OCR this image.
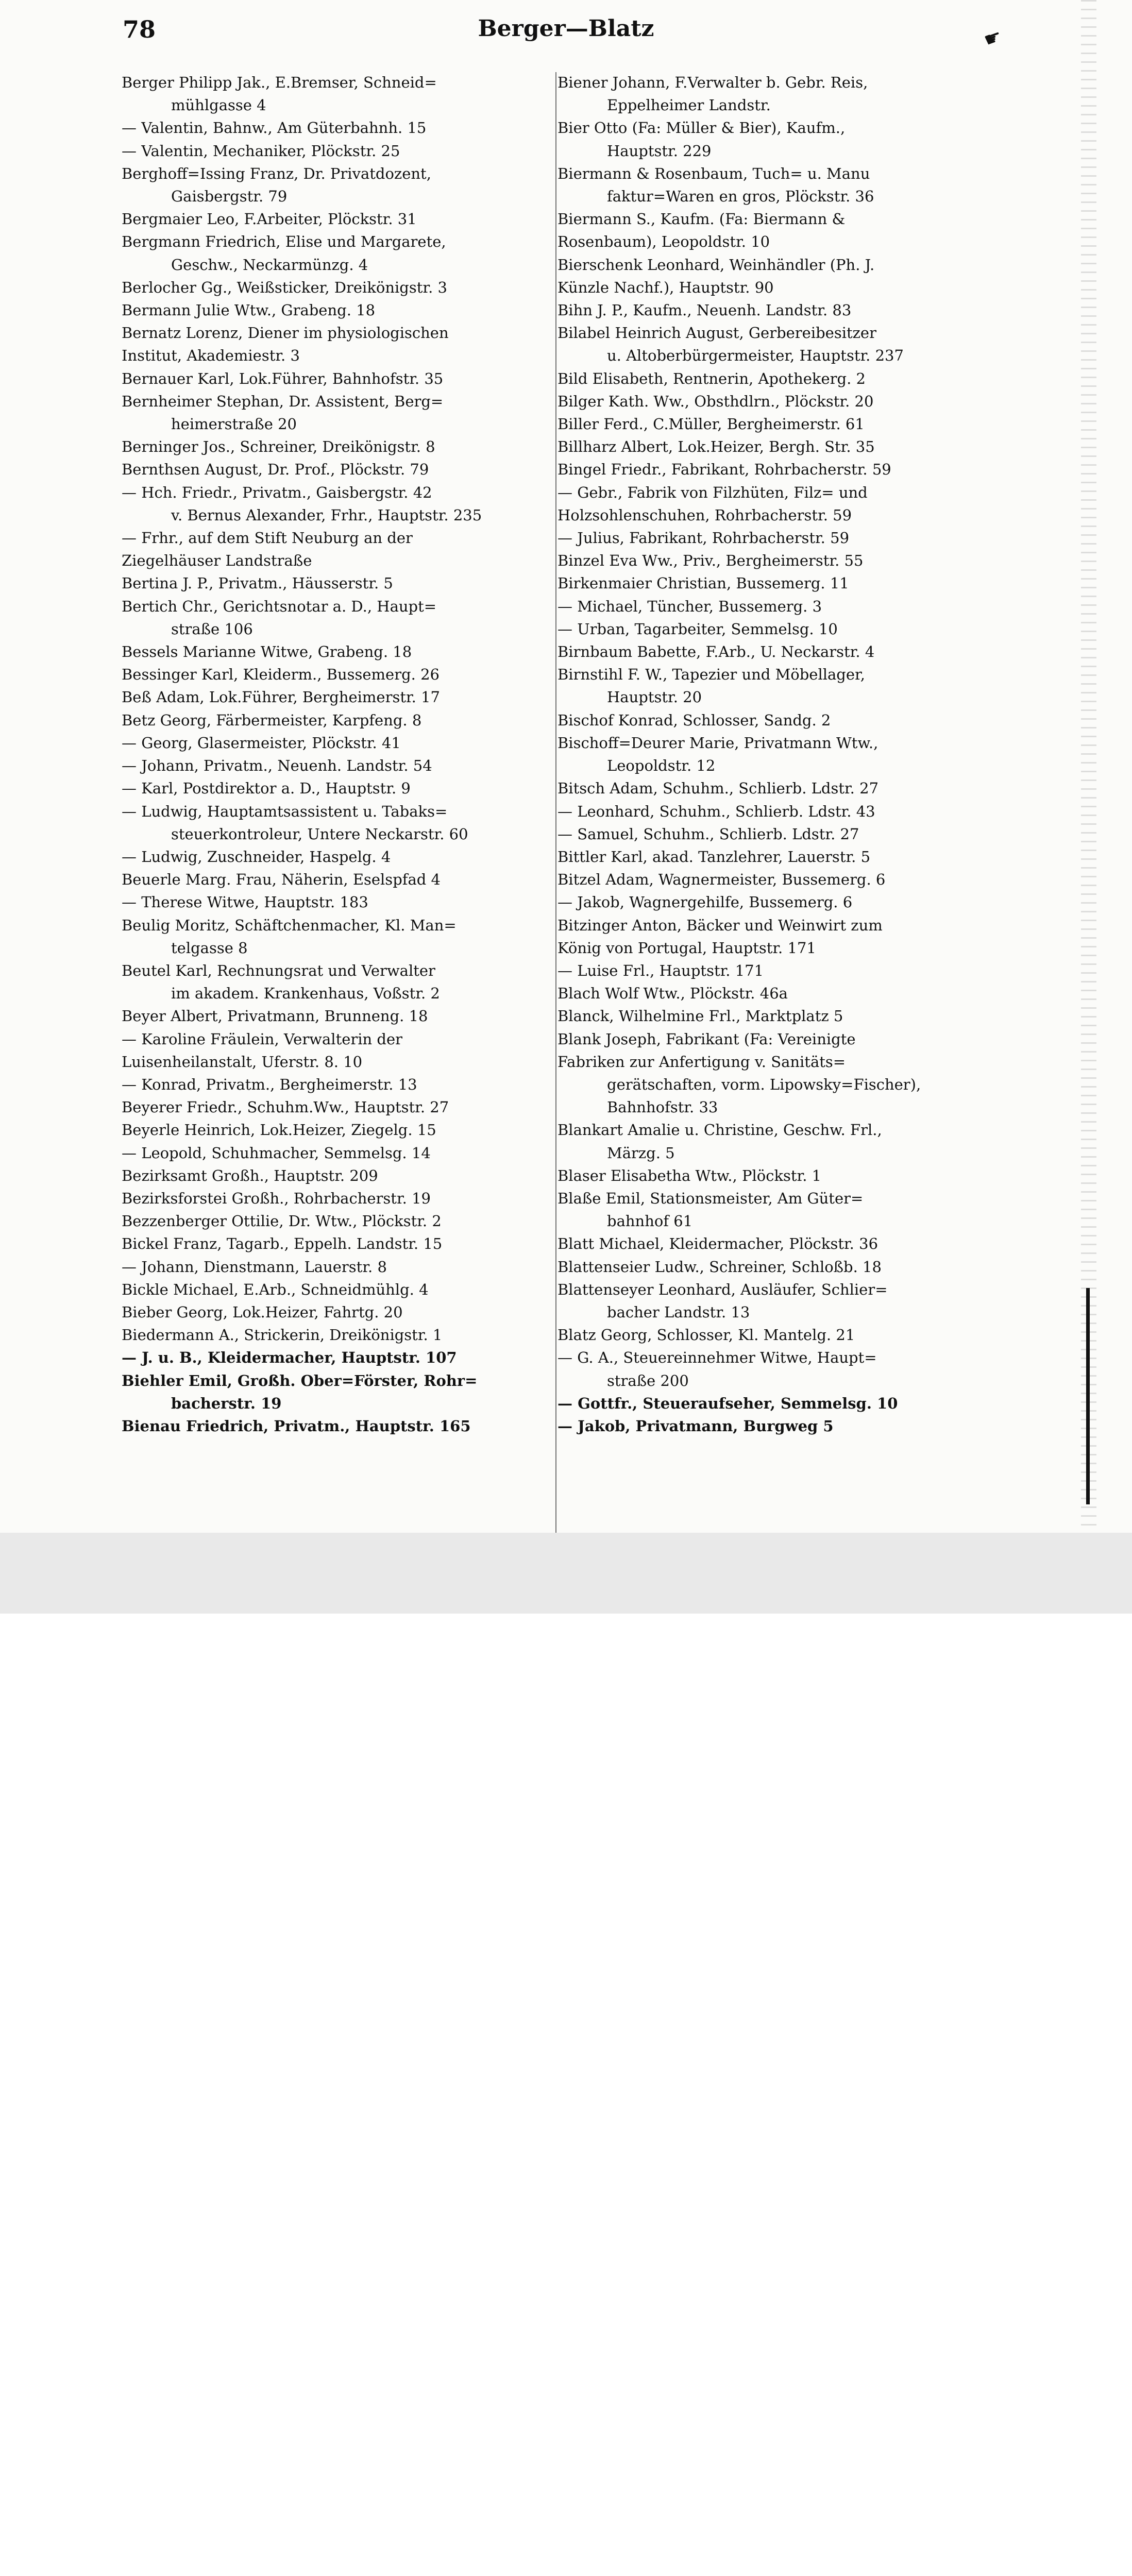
78	Berger—Blatz	☛
Berger Philipp Jak., E.Bremser, Schneid=
mühlgasse 4
— Valentin, Bahnw., Am Güterbahnh. 15
— Valentin, Mechaniker, Plöckstr. 25
Berghoff=Issing Franz, Dr. Privatdozent,
Gaisbergstr. 79
Bergmaier Leo, F.Arbeiter, Plöckstr. 31
Bergmann Friedrich, Elise und Margarete,
Geschw., Neckarmünzg. 4
Berlocher Gg., Weißsticker, Dreikönigstr. 3
Bermann Julie Wtw., Grabeng. 18
Bernatz Lorenz, Diener im physiologischen
Institut, Akademiestr. 3
Bernauer Karl, Lok.Führer, Bahnhofstr. 35
Bernheimer Stephan, Dr. Assistent, Berg=
heimerstraße 20
Berninger Jos., Schreiner, Dreikönigstr. 8
Bernthsen August, Dr. Prof., Plöckstr. 79
— Hch. Friedr., Privatm., Gaisbergstr. 42
v. Bernus Alexander, Frhr., Hauptstr. 235
— Frhr., auf dem Stift Neuburg an der
Ziegelhäuser Landstraße
Bertina J. P., Privatm., Häusserstr. 5
Bertich Chr., Gerichtsnotar a. D., Haupt=
straße 106
Bessels Marianne Witwe, Grabeng. 18
Bessinger Karl, Kleiderm., Bussemerg. 26
Beß Adam, Lok.Führer, Bergheimerstr. 17
Betz Georg, Färbermeister, Karpfeng. 8
— Georg, Glasermeister, Plöckstr. 41
— Johann, Privatm., Neuenh. Landstr. 54
— Karl, Postdirektor a. D., Hauptstr. 9
— Ludwig, Hauptamtsassistent u. Tabaks=
steuerkontroleur, Untere Neckarstr. 60
— Ludwig, Zuschneider, Haspelg. 4
Beuerle Marg. Frau, Näherin, Eselspfad 4
— Therese Witwe, Hauptstr. 183
Beulig Moritz, Schäftchenmacher, Kl. Man=
telgasse 8
Beutel Karl, Rechnungsrat und Verwalter
im akadem. Krankenhaus, Voßstr. 2
Beyer Albert, Privatmann, Brunneng. 18
— Karoline Fräulein, Verwalterin der
Luisenheilanstalt, Uferstr. 8. 10
— Konrad, Privatm., Bergheimerstr. 13
Beyerer Friedr., Schuhm.Ww., Hauptstr. 27
Beyerle Heinrich, Lok.Heizer, Ziegelg. 15
— Leopold, Schuhmacher, Semmelsg. 14
Bezirksamt Großh., Hauptstr. 209
Bezirksforstei Großh., Rohrbacherstr. 19
Bezzenberger Ottilie, Dr. Wtw., Plöckstr. 2
Bickel Franz, Tagarb., Eppelh. Landstr. 15
— Johann, Dienstmann, Lauerstr. 8
Bickle Michael, E.Arb., Schneidmühlg. 4
Bieber Georg, Lok.Heizer, Fahrtg. 20
Biedermann A., Strickerin, Dreikönigstr. 1
— J. u. B., Kleidermacher, Hauptstr. 107
Biehler Emil, Großh. Ober=Förster, Rohr=
bacherstr. 19
Bienau Friedrich, Privatm., Hauptstr. 165
Biener Johann, F.Verwalter b. Gebr. Reis,
Eppelheimer Landstr.
Bier Otto (Fa: Müller & Bier), Kaufm.,
Hauptstr. 229
Biermann & Rosenbaum, Tuch= u. Manu
faktur=Waren en gros, Plöckstr. 36
Biermann S., Kaufm. (Fa: Biermann &
Rosenbaum), Leopoldstr. 10
Bierschenk Leonhard, Weinhändler (Ph. J.
Künzle Nachf.), Hauptstr. 90
Bihn J. P., Kaufm., Neuenh. Landstr. 83
Bilabel Heinrich August, Gerbereibesitzer
u. Altoberbürgermeister, Hauptstr. 237
Bild Elisabeth, Rentnerin, Apothekerg. 2
Bilger Kath. Ww., Obsthdlrn., Plöckstr. 20
Biller Ferd., C.Müller, Bergheimerstr. 61
Billharz Albert, Lok.Heizer, Bergh. Str. 35
Bingel Friedr., Fabrikant, Rohrbacherstr. 59
— Gebr., Fabrik von Filzhüten, Filz= und
Holzsohlenschuhen, Rohrbacherstr. 59
— Julius, Fabrikant, Rohrbacherstr. 59
Binzel Eva Ww., Priv., Bergheimerstr. 55
Birkenmaier Christian, Bussemerg. 11
— Michael, Tüncher, Bussemerg. 3
— Urban, Tagarbeiter, Semmelsg. 10
Birnbaum Babette, F.Arb., U. Neckarstr. 4
Birnstihl F. W., Tapezier und Möbellager,
Hauptstr. 20
Bischof Konrad, Schlosser, Sandg. 2
Bischoff=Deurer Marie, Privatmann Wtw.,
Leopoldstr. 12
Bitsch Adam, Schuhm., Schlierb. Ldstr. 27
— Leonhard, Schuhm., Schlierb. Ldstr. 43
— Samuel, Schuhm., Schlierb. Ldstr. 27
Bittler Karl, akad. Tanzlehrer, Lauerstr. 5
Bitzel Adam, Wagnermeister, Bussemerg. 6
— Jakob, Wagnergehilfe, Bussemerg. 6
Bitzinger Anton, Bäcker und Weinwirt zum
König von Portugal, Hauptstr. 171
— Luise Frl., Hauptstr. 171
Blach Wolf Wtw., Plöckstr. 46a
Blanck, Wilhelmine Frl., Marktplatz 5
Blank Joseph, Fabrikant (Fa: Vereinigte
Fabriken zur Anfertigung v. Sanitäts=
gerätschaften, vorm. Lipowsky=Fischer),
Bahnhofstr. 33
Blankart Amalie u. Christine, Geschw. Frl.,
Märzg. 5
Blaser Elisabetha Wtw., Plöckstr. 1
Blaße Emil, Stationsmeister, Am Güter=
bahnhof 61
Blatt Michael, Kleidermacher, Plöckstr. 36
Blattenseier Ludw., Schreiner, Schloßb. 18
Blattenseyer Leonhard, Ausläufer, Schlier=
bacher Landstr. 13
Blatz Georg, Schlosser, Kl. Mantelg. 21
— G. A., Steuereinnehmer Witwe, Haupt=
straße 200
— Gottfr., Steueraufseher, Semmelsg. 10
— Jakob, Privatmann, Burgweg 5
